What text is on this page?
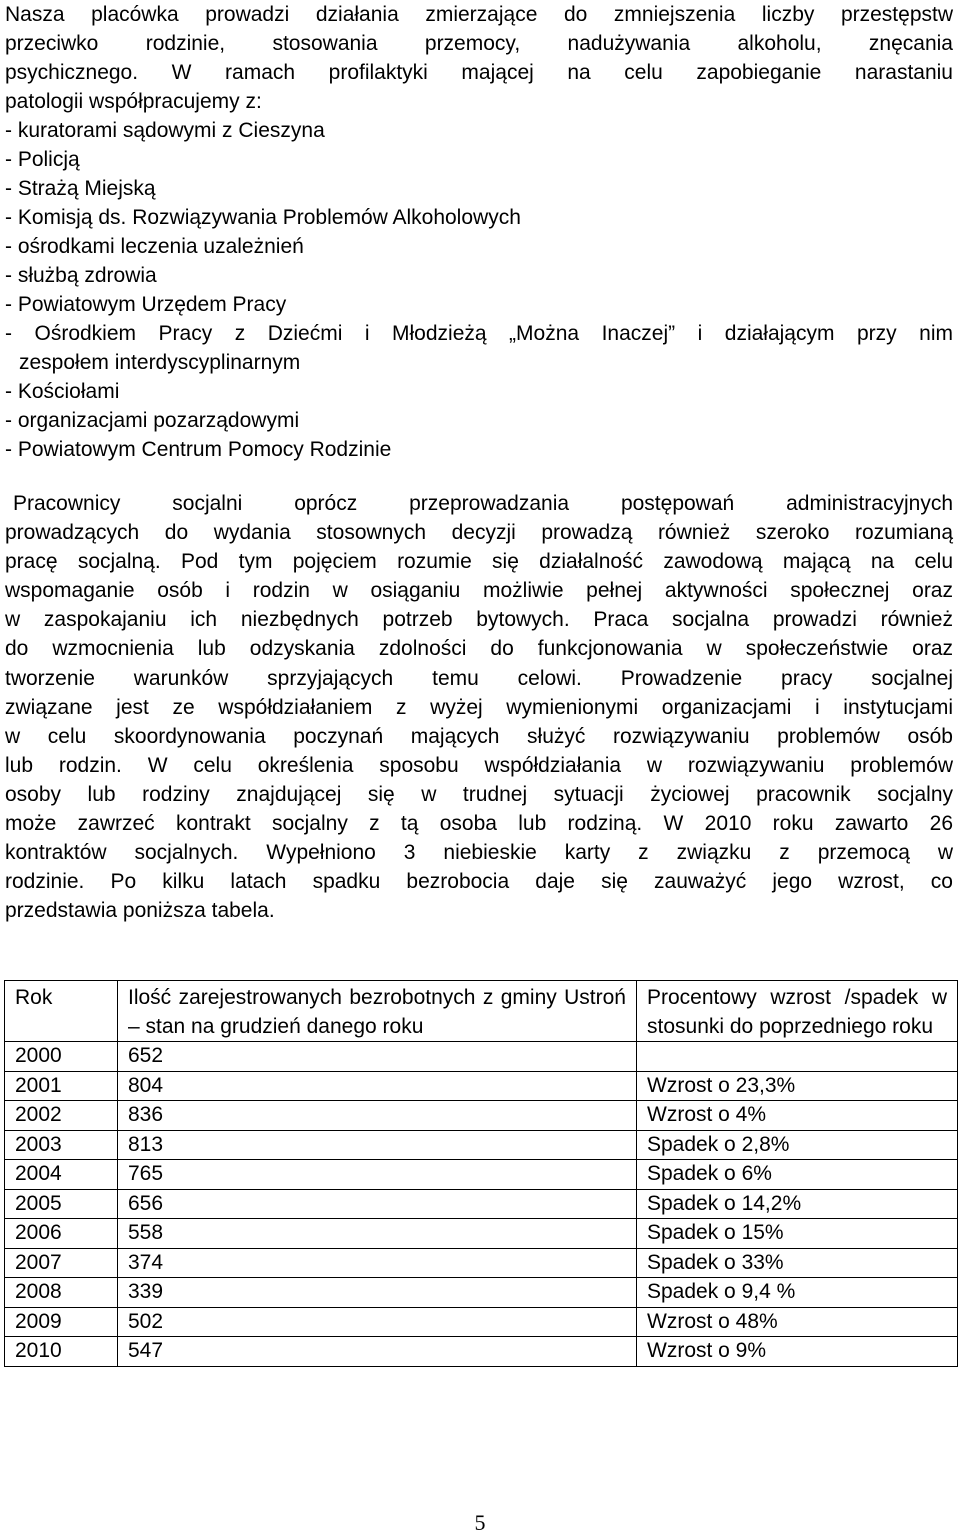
Nasza placówka prowadzi działania zmierzające do zmniejszenia liczby przestępstw
przeciwko rodzinie, stosowania przemocy, nadużywania alkoholu, znęcania
psychicznego. W ramach profilaktyki mającej na celu zapobieganie narastaniu
patologii współpracujemy z:
- kuratorami sądowymi z Cieszyna
- Policją
- Strażą Miejską
- Komisją ds. Rozwiązywania Problemów Alkoholowych
- ośrodkami leczenia uzależnień
- służbą zdrowia
- Powiatowym Urzędem Pracy
- Ośrodkiem Pracy z Dziećmi i Młodzieżą „Można Inaczej” i działającym przy nim
zespołem interdyscyplinarnym
- Kościołami
- organizacjami pozarządowymi
- Powiatowym Centrum Pomocy Rodzinie
Pracownicy socjalni oprócz przeprowadzania postępowań administracyjnych
prowadzących do wydania stosownych decyzji prowadzą również szeroko rozumianą
pracę socjalną. Pod tym pojęciem rozumie się działalność zawodową mającą na celu
wspomaganie osób i rodzin w osiąganiu możliwie pełnej aktywności społecznej oraz
w zaspokajaniu ich niezbędnych potrzeb bytowych. Praca socjalna prowadzi również
do wzmocnienia lub odzyskania zdolności do funkcjonowania w społeczeństwie oraz
tworzenie warunków sprzyjających temu celowi. Prowadzenie pracy socjalnej
związane jest ze współdziałaniem z wyżej wymienionymi organizacjami i instytucjami
w celu skoordynowania poczynań mających służyć rozwiązywaniu problemów osób
lub rodzin. W celu określenia sposobu współdziałania w rozwiązywaniu problemów
osoby lub rodziny znajdującej się w trudnej sytuacji życiowej pracownik socjalny
może zawrzeć kontrakt socjalny z tą osoba lub rodziną. W 2010 roku zawarto 26
kontraktów socjalnych. Wypełniono 3 niebieskie karty z związku z przemocą w
rodzinie. Po kilku latach spadku bezrobocia daje się zauważyć jego wzrost, co
przedstawia poniższa tabela.
Rok	Ilość zarejestrowanych bezrobotnych z gminy Ustroń – stan na grudzień danego roku	Procentowy wzrost /spadek w stosunki do poprzedniego roku
2000	652	
2001	804	Wzrost o 23,3%
2002	836	Wzrost o 4%
2003	813	Spadek o 2,8%
2004	765	Spadek o 6%
2005	656	Spadek o 14,2%
2006	558	Spadek o 15%
2007	374	Spadek o 33%
2008	339	Spadek o 9,4 %
2009	502	Wzrost o 48%
2010	547	Wzrost o 9%
5
